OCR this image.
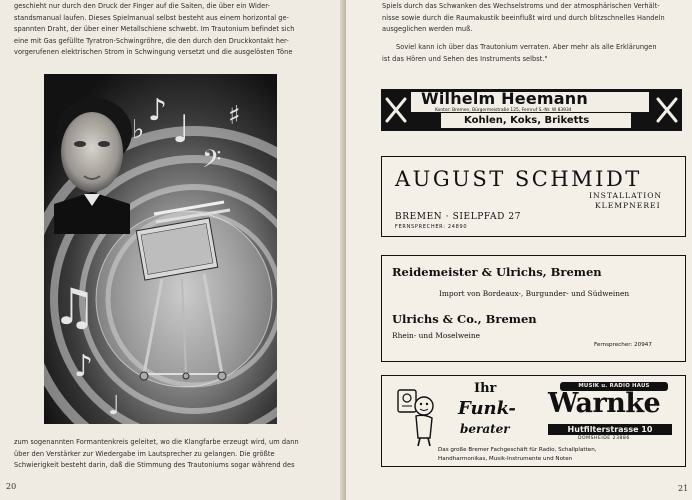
geschieht nur durch den Druck der Finger auf die Saiten, die über ein Wider-
standsmanual laufen. Dieses Spielmanual selbst besteht aus einem horizontal ge-
spannten Draht, der über einer Metallschiene schwebt. Im Trautonium befindet sich
eine mit Gas gefüllte Tyratron-Schwingröhre, die den durch den Druckkontakt her-
vorgerufenen elektrischen Strom in Schwingung versetzt und die ausgelösten Töne
♪ ♩ ♯
♭
𝄢
♫
♪
♩
zum sogenannten Formantenkreis geleitet, wo die Klangfarbe erzeugt wird, um dann
über den Verstärker zur Wiedergabe im Lautsprecher zu gelangen. Die größte
Schwierigkeit besteht darin, daß die Stimmung des Trautoniums sogar während des
20
Spiels durch das Schwanken des Wechselstroms und der atmosphärischen Verhält-
nisse sowie durch die Raumakustik beeinflußt wird und durch blitzschnelles Handeln
ausgeglichen werden muß.
Soviel kann ich über das Trautonium verraten. Aber mehr als alle Erklärungen
ist das Hören und Sehen des Instruments selbst."
21
Wilhelm Heemann
Kontor: Bremen, Bürgermeistraße 125, Fernruf S.-Nr. W 83934
Kohlen, Koks, Briketts
AUGUST SCHMIDT
INSTALLATION
KLEMPNEREI
BREMEN · SIELPFAD 27
FERNSPRECHER: 24890
Reidemeister & Ulrichs, Bremen
Import von Bordeaux-, Burgunder- und Südweinen
Ulrichs & Co., Bremen
Rhein- und Moselweine
Fernsprecher: 20947
Ihr
Funk-
berater
MUSIK u. RADIO HAUS
Warnke
Hutfilterstrasse 10
DOMSHEIDE 23886
Das große Bremer Fachgeschäft für Radio, Schallplatten,
Handharmonikas, Musik-Instrumente und Noten
